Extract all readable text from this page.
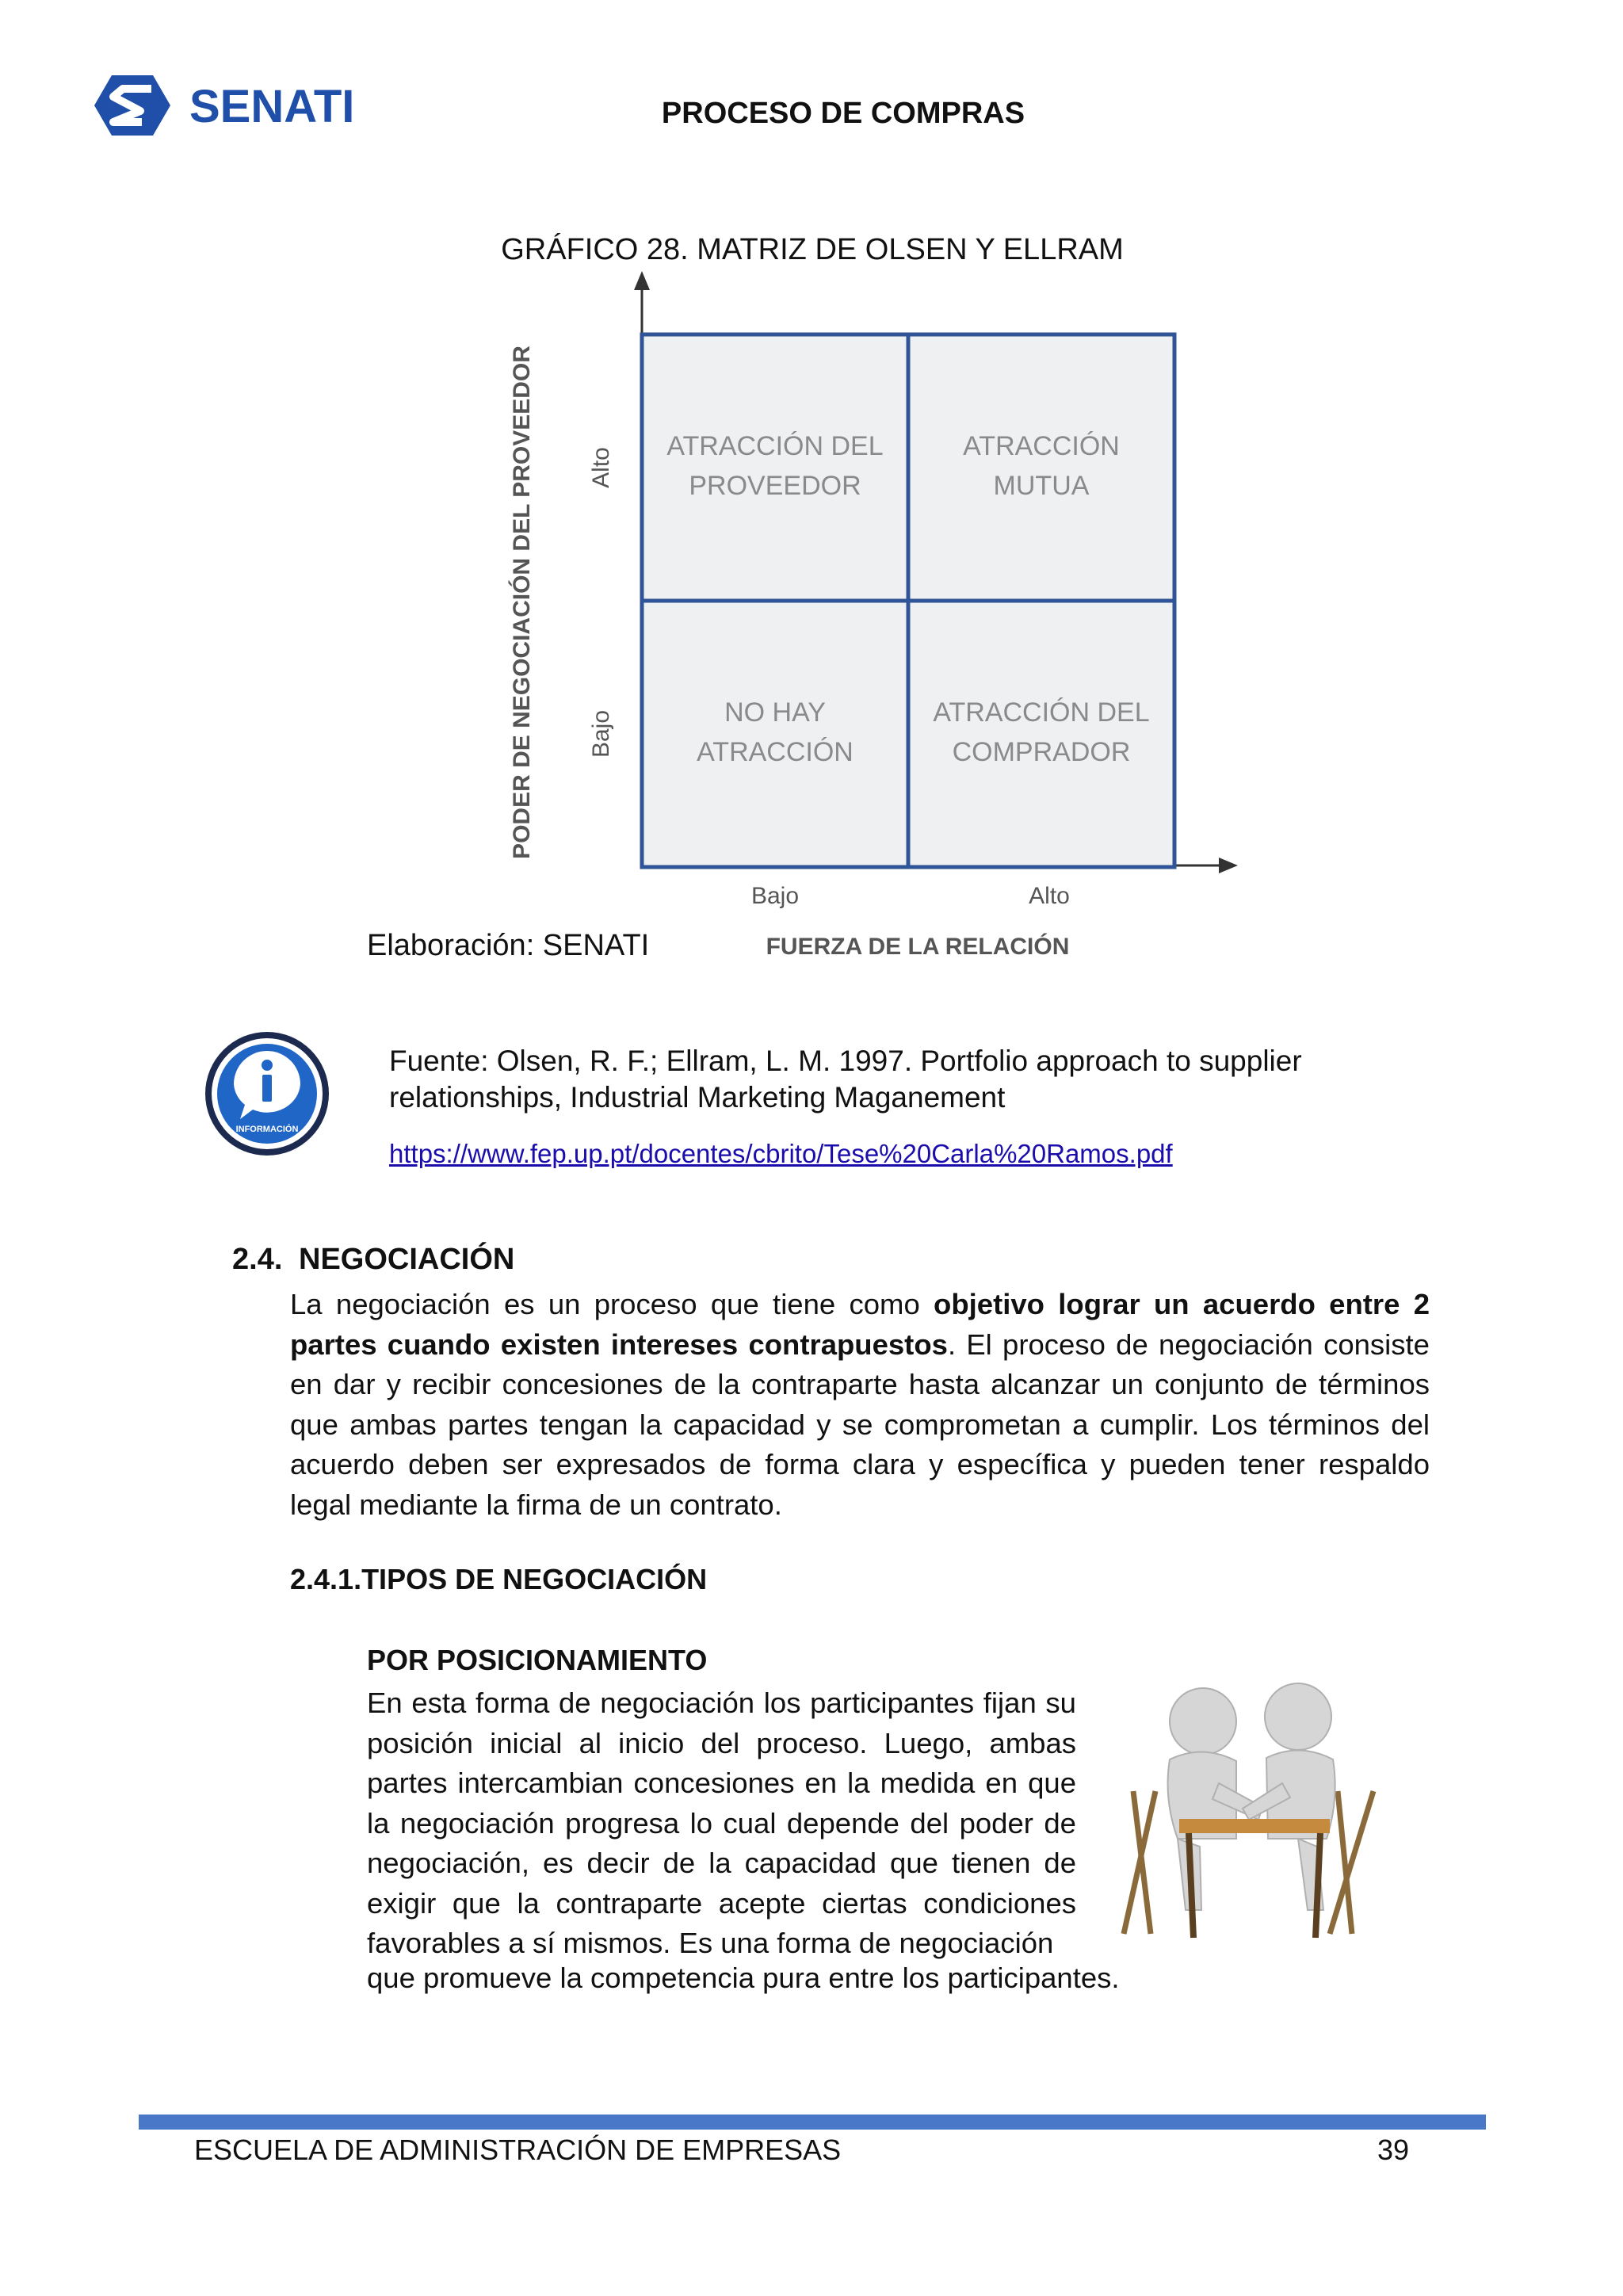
SENATI	PROCESO DE COMPRAS
GRÁFICO 28. MATRIZ DE OLSEN Y ELLRAM
ATRACCIÓN DEL
PROVEEDOR
ATRACCIÓN
MUTUA
NO HAY
ATRACCIÓN
ATRACCIÓN DEL
COMPRADOR
PODER DE NEGOCIACIÓN DEL PROVEEDOR Alto
Bajo
Bajo	Alto
FUERZA DE LA RELACIÓN
Elaboración: SENATI
INFORMACIÓN
Fuente: Olsen, R. F.; Ellram, L. M. 1997. Portfolio approach to supplier relationships, Industrial Marketing Maganement
https://www.fep.up.pt/docentes/cbrito/Tese%20Carla%20Ramos.pdf
2.4. NEGOCIACIÓN
La negociación es un proceso que tiene como objetivo lograr un acuerdo entre 2 partes cuando existen intereses contrapuestos. El proceso de negociación consiste en dar y recibir concesiones de la contraparte hasta alcanzar un conjunto de términos que ambas partes tengan la capacidad y se comprometan a cumplir. Los términos del acuerdo deben ser expresados de forma clara y específica y pueden tener respaldo legal mediante la firma de un contrato.
2.4.1.TIPOS DE NEGOCIACIÓN
POR POSICIONAMIENTO
En esta forma de negociación los participantes fijan su posición inicial al inicio del proceso. Luego, ambas partes intercambian concesiones en la medida en que la negociación progresa lo cual depende del poder de negociación, es decir de la capacidad que tienen de exigir que la contraparte acepte ciertas condiciones favorables a sí mismos. Es una forma de negociación
que promueve la competencia pura entre los participantes.
ESCUELA DE ADMINISTRACIÓN DE EMPRESAS	39
